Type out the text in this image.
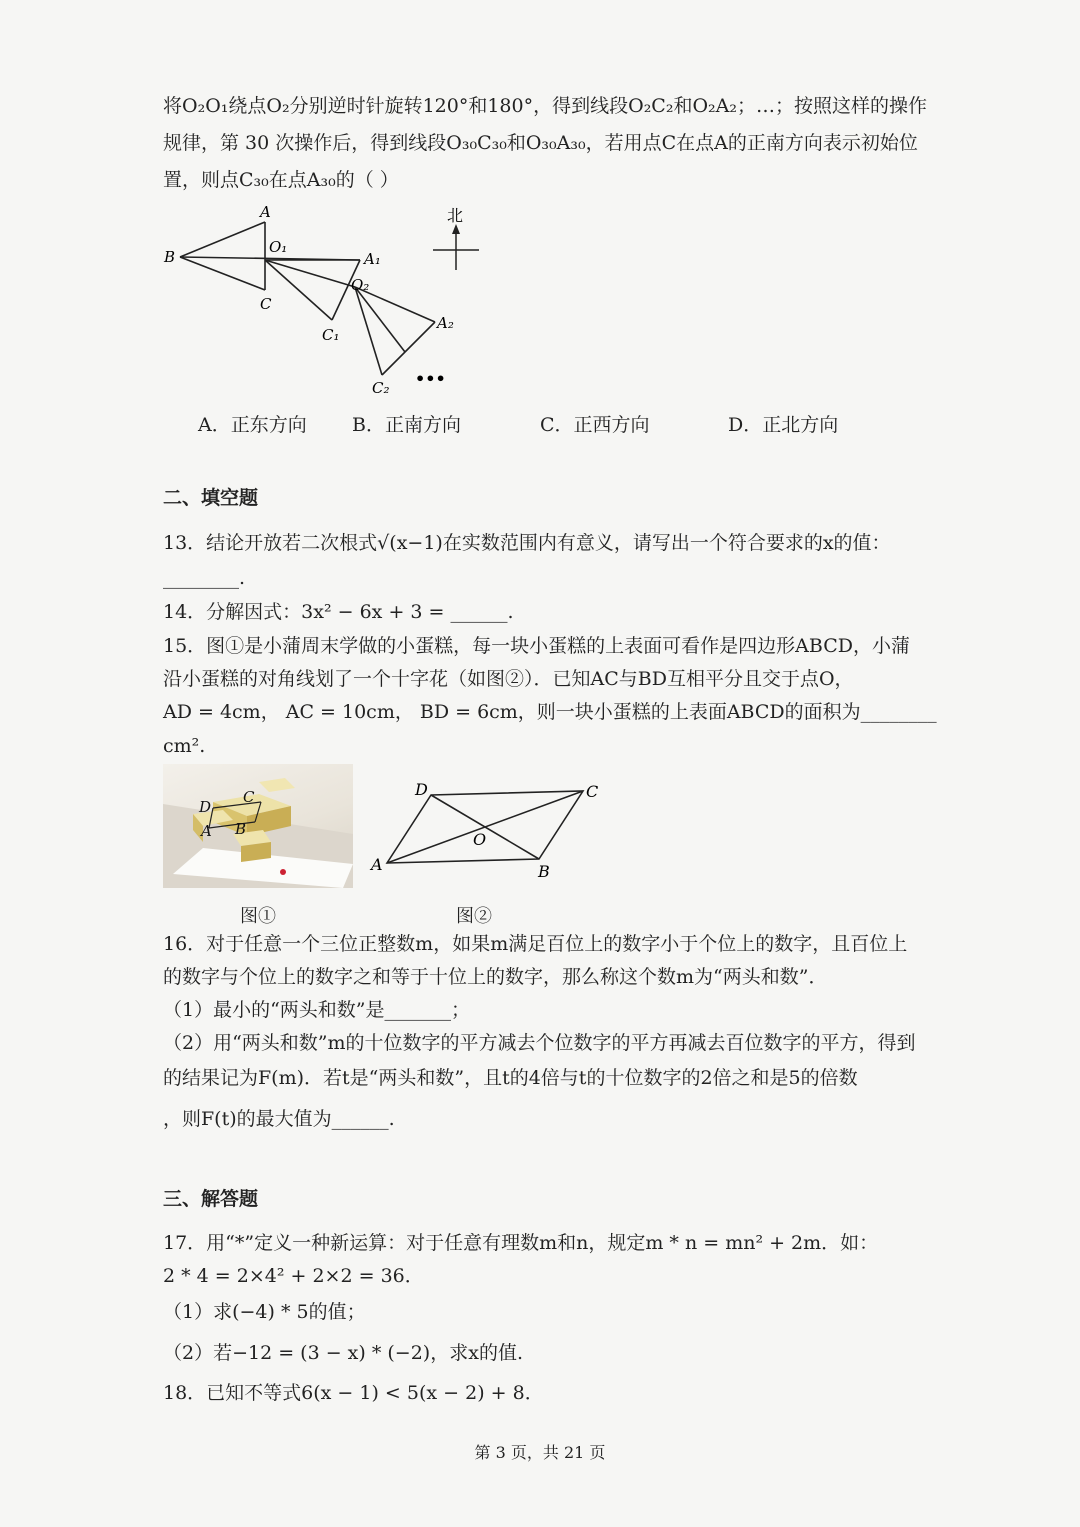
将O₂O₁绕点O₂分别逆时针旋转120°和180°，得到线段O₂C₂和O₂A₂；…；按照这样的操作
规律，第 30 次操作后，得到线段O₃₀C₃₀和O₃₀A₃₀，若用点C在点A的正南方向表示初始位
置，则点C₃₀在点A₃₀的（ ）
A
B
C
O₁
A₁
O₂
C₁
A₂
C₂ •••
北
A．正东方向 B．正南方向	C．正西方向	D．正北方向
二、填空题
13．结论开放若二次根式√(x−1)在实数范围内有意义，请写出一个符合要求的x的值：
________.
14．分解因式：3x² − 6x + 3 = ______.
15．图①是小蒲周末学做的小蛋糕，每一块小蛋糕的上表面可看作是四边形ABCD，小蒲
沿小蛋糕的对角线划了一个十字花（如图②）．已知AC与BD互相平分且交于点O，
AD = 4cm， AC = 10cm， BD = 6cm，则一块小蛋糕的上表面ABCD的面积为________
cm².
D
C
A B
D	C
A	B
O
图①	图②
16．对于任意一个三位正整数m，如果m满足百位上的数字小于个位上的数字，且百位上
的数字与个位上的数字之和等于十位上的数字，那么称这个数m为“两头和数”．
（1）最小的“两头和数”是_______；
（2）用“两头和数”m的十位数字的平方减去个位数字的平方再减去百位数字的平方，得到
的结果记为F(m)．若t是“两头和数”，且t的4倍与t的十位数字的2倍之和是5的倍数
，则F(t)的最大值为______.
三、解答题
17．用“*”定义一种新运算：对于任意有理数m和n，规定m * n = mn² + 2m．如：
2 * 4 = 2×4² + 2×2 = 36．
（1）求(−4) * 5的值；
（2）若−12 = (3 − x) * (−2)，求x的值.
18．已知不等式6(x − 1) < 5(x − 2) + 8．
第 3 页，共 21 页
